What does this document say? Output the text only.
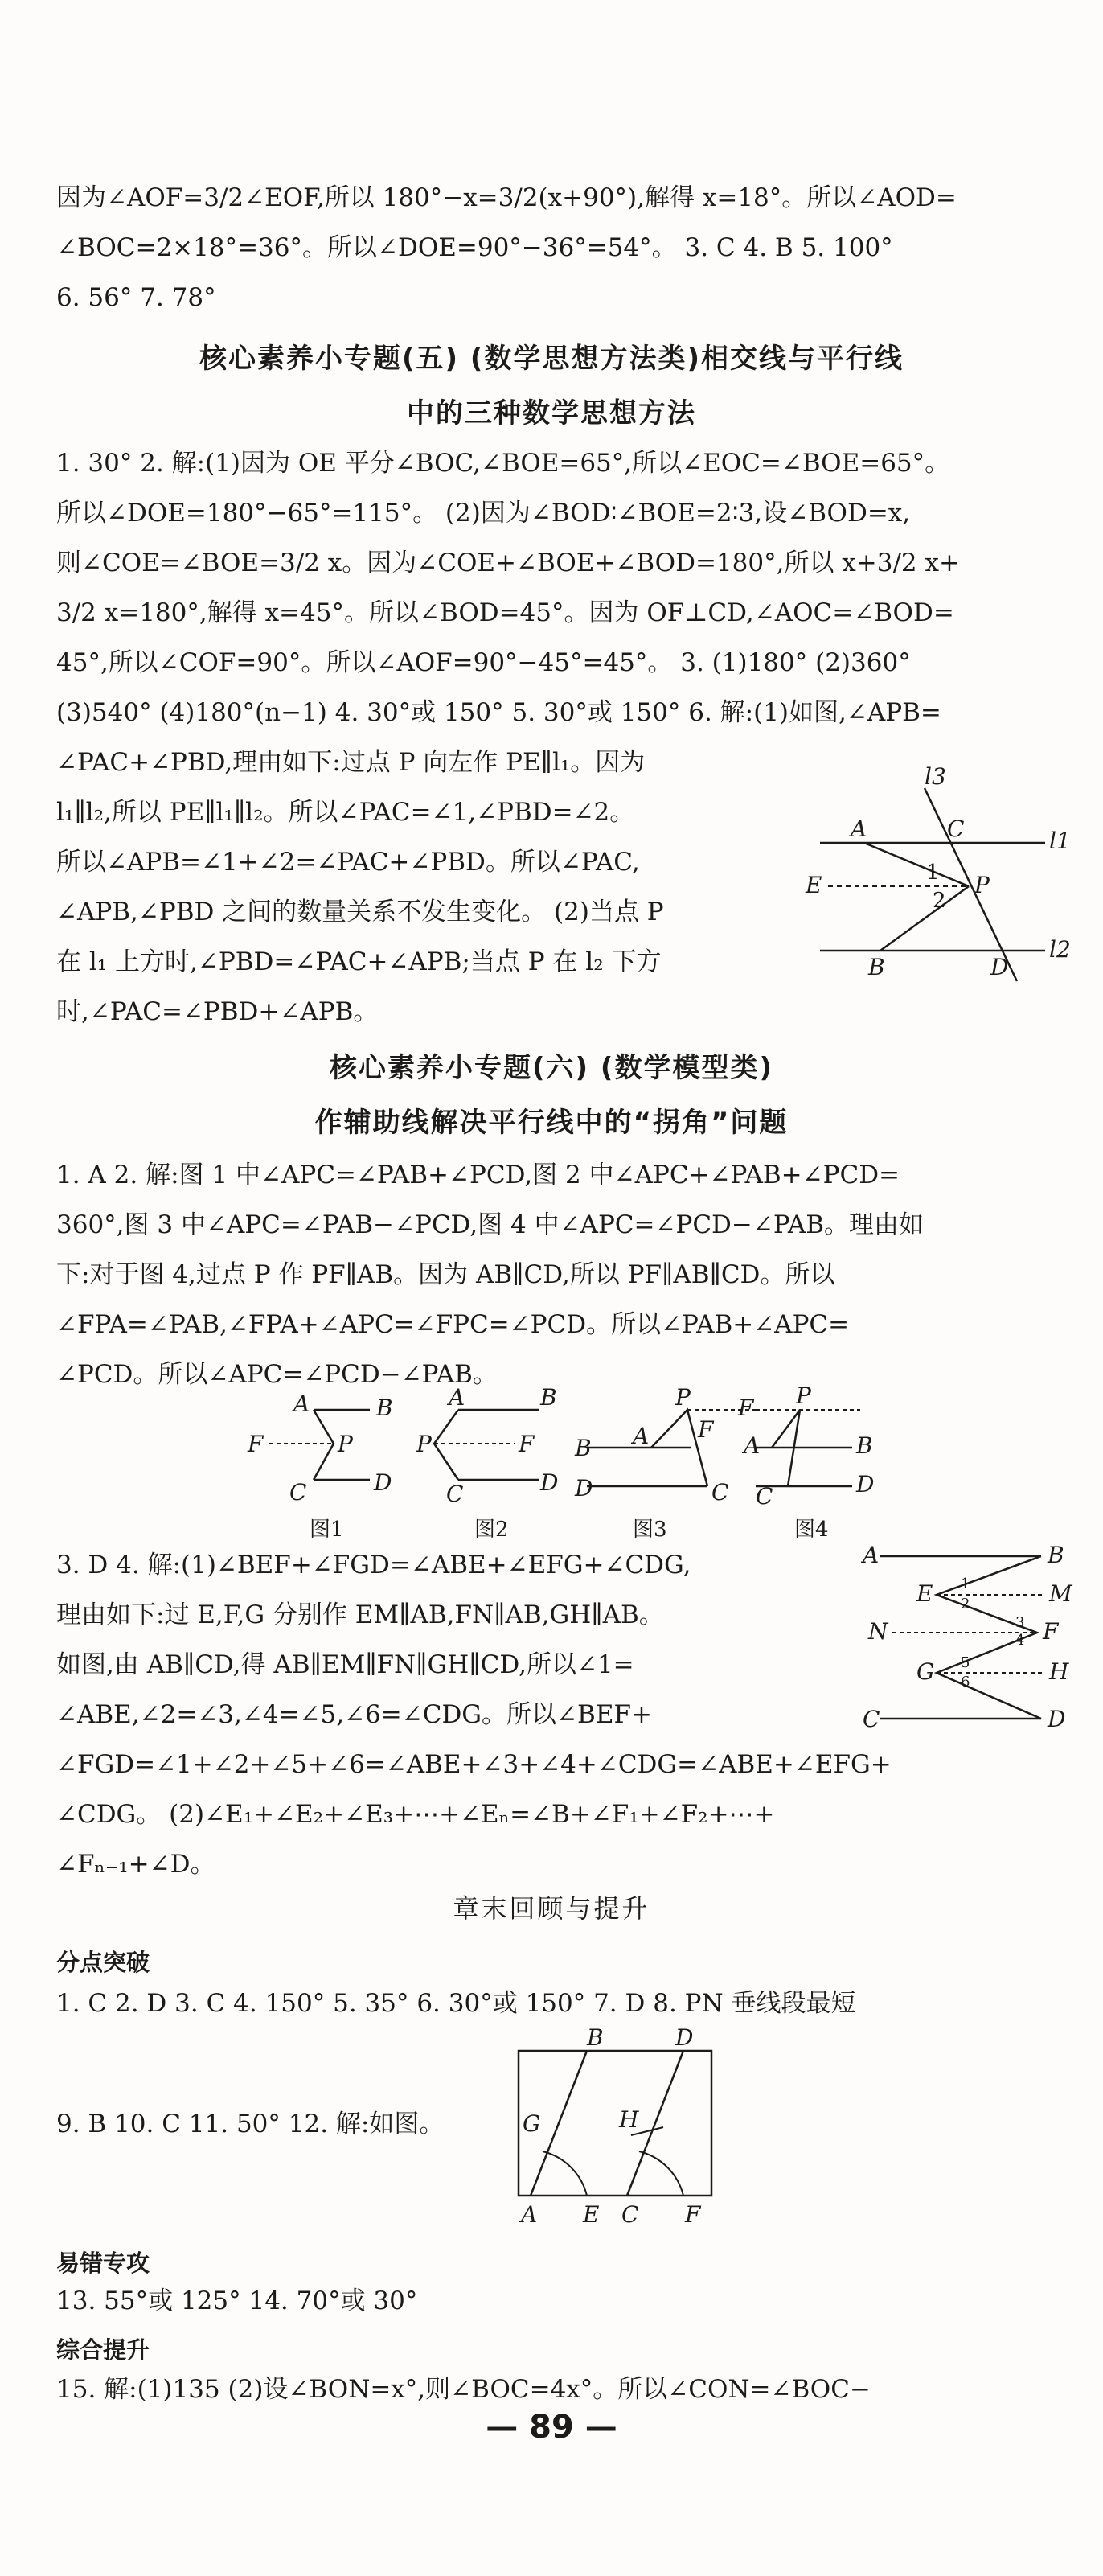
因为∠AOF=3/2∠EOF,所以 180°−x=3/2(x+90°),解得 x=18°。所以∠AOD=
∠BOC=2×18°=36°。所以∠DOE=90°−36°=54°。 3. C 4. B 5. 100°
6. 56° 7. 78°
核心素养小专题(五) (数学思想方法类)相交线与平行线
中的三种数学思想方法
1. 30° 2. 解:(1)因为 OE 平分∠BOC,∠BOE=65°,所以∠EOC=∠BOE=65°。
所以∠DOE=180°−65°=115°。 (2)因为∠BOD∶∠BOE=2∶3,设∠BOD=x,
则∠COE=∠BOE=3/2 x。因为∠COE+∠BOE+∠BOD=180°,所以 x+3/2 x+
3/2 x=180°,解得 x=45°。所以∠BOD=45°。因为 OF⊥CD,∠AOC=∠BOD=
45°,所以∠COF=90°。所以∠AOF=90°−45°=45°。 3. (1)180° (2)360°
(3)540° (4)180°(n−1) 4. 30°或 150° 5. 30°或 150° 6. 解:(1)如图,∠APB=
∠PAC+∠PBD,理由如下:过点 P 向左作 PE∥l₁。因为
l₁∥l₂,所以 PE∥l₁∥l₂。所以∠PAC=∠1,∠PBD=∠2。
所以∠APB=∠1+∠2=∠PAC+∠PBD。所以∠PAC,
∠APB,∠PBD 之间的数量关系不发生变化。 (2)当点 P
在 l₁ 上方时,∠PBD=∠PAC+∠APB;当点 P 在 l₂ 下方
时,∠PAC=∠PBD+∠APB。
l3
A	C	l1
E	1
2
P
B	D
l2
核心素养小专题(六) (数学模型类)
作辅助线解决平行线中的“拐角”问题
1. A 2. 解:图 1 中∠APC=∠PAB+∠PCD,图 2 中∠APC+∠PAB+∠PCD=
360°,图 3 中∠APC=∠PAB−∠PCD,图 4 中∠APC=∠PCD−∠PAB。理由如
下:对于图 4,过点 P 作 PF∥AB。因为 AB∥CD,所以 PF∥AB∥CD。所以
∠FPA=∠PAB,∠FPA+∠APC=∠FPC=∠PCD。所以∠PAB+∠APC=
∠PCD。所以∠APC=∠PCD−∠PAB。
A	B
F	P
C	D
图1
A	B
P	F
C	D
图2
A
P
F
B
D	C
图3
F P
A	B
C	D
图4
3. D 4. 解:(1)∠BEF+∠FGD=∠ABE+∠EFG+∠CDG,
理由如下:过 E,F,G 分别作 EM∥AB,FN∥AB,GH∥AB。
如图,由 AB∥CD,得 AB∥EM∥FN∥GH∥CD,所以∠1=
∠ABE,∠2=∠3,∠4=∠5,∠6=∠CDG。所以∠BEF+
∠FGD=∠1+∠2+∠5+∠6=∠ABE+∠3+∠4+∠CDG=∠ABE+∠EFG+
∠CDG。 (2)∠E₁+∠E₂+∠E₃+⋯+∠Eₙ=∠B+∠F₁+∠F₂+⋯+
∠Fₙ₋₁+∠D。
A	B
E	M
N	F
G	H
C	D
1
2
3
4
5
6
章末回顾与提升
分点突破
1. C 2. D 3. C 4. 150° 5. 35° 6. 30°或 150° 7. D 8. PN 垂线段最短
9. B 10. C 11. 50° 12. 解:如图。
B	D
G	H
A E C F
易错专攻
13. 55°或 125° 14. 70°或 30°
综合提升
15. 解:(1)135 (2)设∠BON=x°,则∠BOC=4x°。所以∠CON=∠BOC−
— 89 —
